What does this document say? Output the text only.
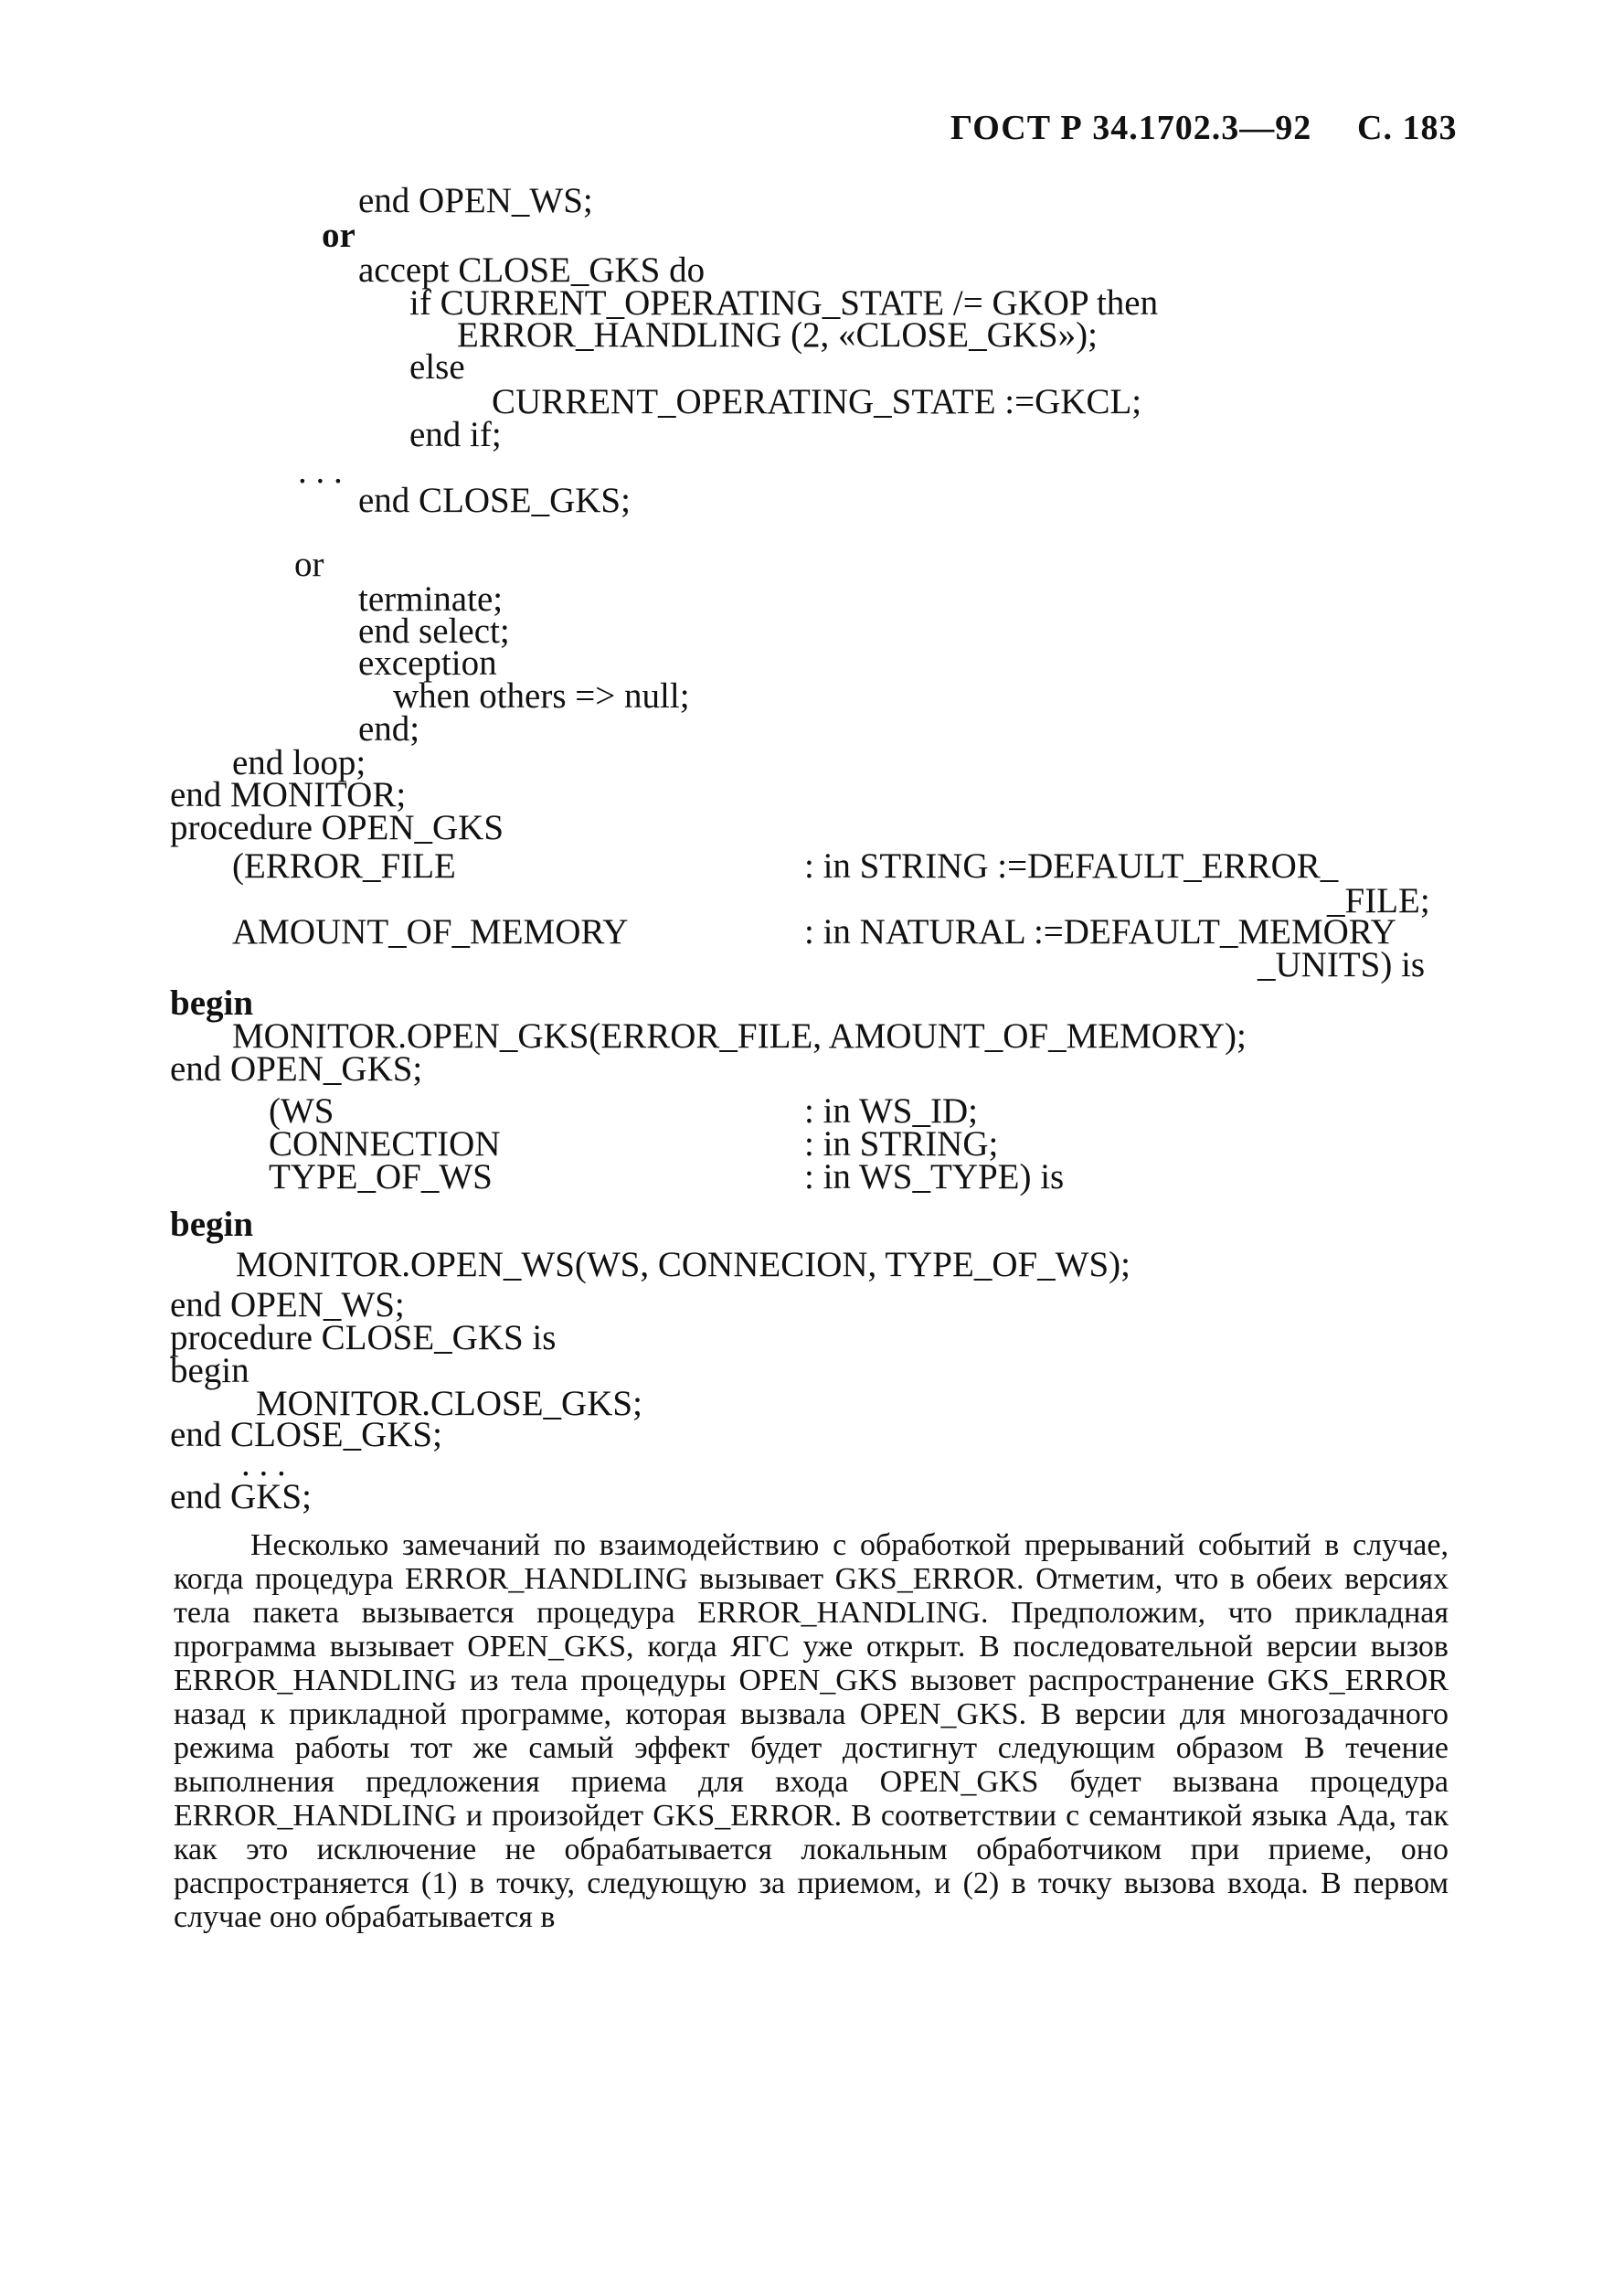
ГОСТ Р 34.1702.3—92 С. 183
end OPEN_WS;
or
accept CLOSE_GKS do
if CURRENT_OPERATING_STATE /= GKOP then
ERROR_HANDLING (2, «CLOSE_GKS»);
else
CURRENT_OPERATING_STATE :=GKCL;
end if;
. . .
end CLOSE_GKS;
or
terminate;
end select;
exception
when others => null;
end;
end loop;
end MONITOR;
procedure OPEN_GKS
(ERROR_FILE	: in STRING :=DEFAULT_ERROR_
_FILE;
AMOUNT_OF_MEMORY	: in NATURAL :=DEFAULT_MEMORY
_UNITS) is
begin
MONITOR.OPEN_GKS(ERROR_FILE, AMOUNT_OF_MEMORY);
end OPEN_GKS;
(WS	: in WS_ID;
CONNECTION	: in STRING;
TYPE_OF_WS	: in WS_TYPE) is
begin
MONITOR.OPEN_WS(WS, CONNECION, TYPE_OF_WS);
end OPEN_WS;
procedure CLOSE_GKS is
begin
MONITOR.CLOSE_GKS;
end CLOSE_GKS;
. . .
end GKS;

Несколько замечаний по взаимодействию с обработкой прерываний событий в случае, когда процедура ERROR_HANDLING вызывает GKS_ERROR. Отметим, что в обеих версиях тела пакета вызывается процедура ERROR_HANDLING. Предположим, что прикладная программа вызывает OPEN_GKS, когда ЯГС уже открыт. В последовательной версии вызов ERROR_HANDLING из тела процедуры OPEN_GKS вызовет распространение GKS_ERROR назад к прикладной программе, которая вызвала OPEN_GKS. В версии для многозадачного режима работы тот же самый эффект будет достигнут следующим образом В течение выполнения предложения приема для входа OPEN_GKS будет вызвана процедура ERROR_HANDLING и произойдет GKS_ERROR. В соответствии с семантикой языка Ада, так как это исключение не обрабатывается локальным обработчиком при приеме, оно распространяется (1) в точку, следующую за приемом, и (2) в точку вызова входа. В первом случае оно обрабатывается в
